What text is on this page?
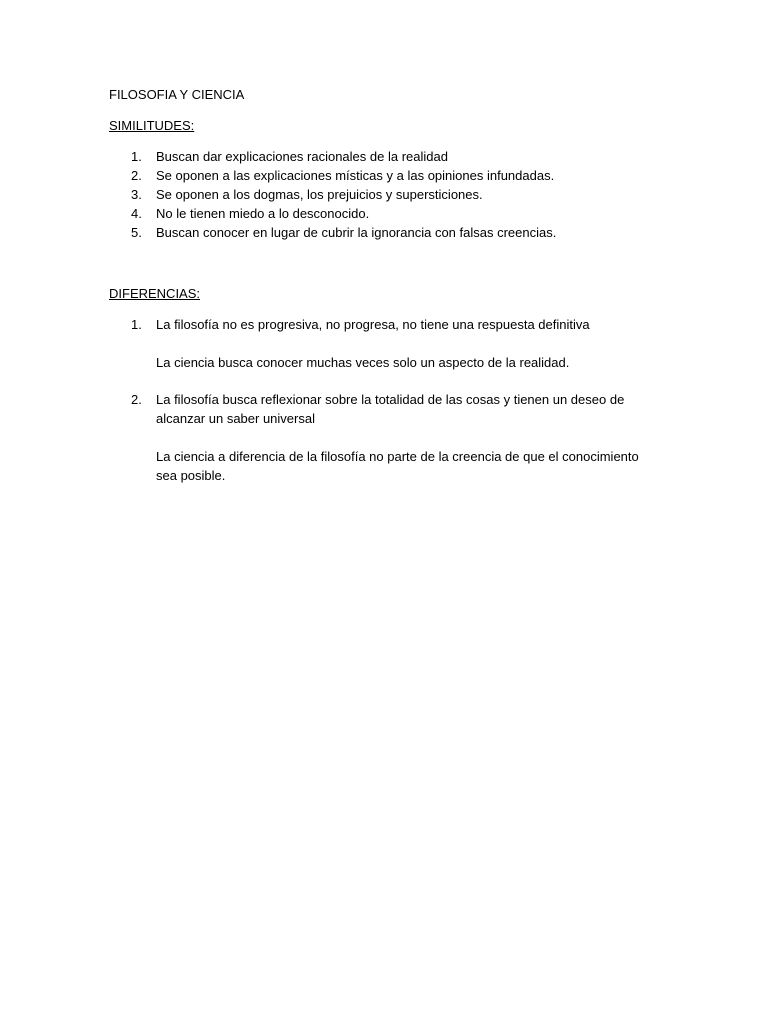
FILOSOFIA Y CIENCIA
SIMILITUDES:
1.	Buscan dar explicaciones racionales de la realidad
2.	Se oponen a las explicaciones místicas y a las opiniones infundadas.
3.	Se oponen a los dogmas, los prejuicios y supersticiones.
4.	No le tienen miedo a lo desconocido.
5.	Buscan conocer en lugar de cubrir la ignorancia con falsas creencias.
DIFERENCIAS:
1.	La filosofía no es progresiva, no progresa, no tiene una respuesta definitiva
La ciencia busca conocer muchas veces solo un aspecto de la realidad.
2.	La filosofía busca reflexionar sobre la totalidad de las cosas y tienen un deseo de alcanzar un saber universal
La ciencia a diferencia de la filosofía no parte de la creencia de que el conocimiento sea posible.
